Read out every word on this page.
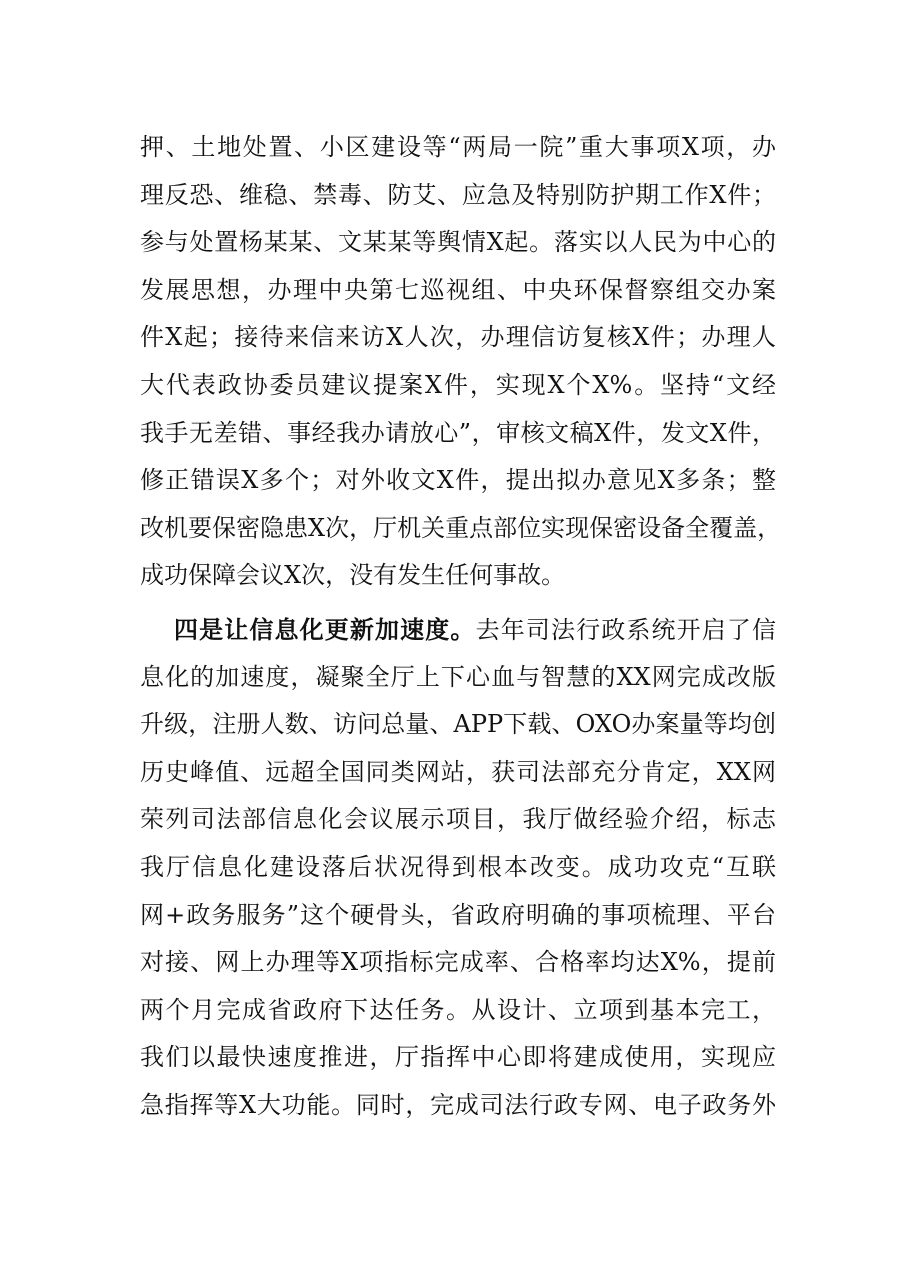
押、土地处置、小区建设等“两局一院”重大事项X项，办
理反恐、维稳、禁毒、防艾、应急及特别防护期工作X件；
参与处置杨某某、文某某等舆情X起。落实以人民为中心的
发展思想，办理中央第七巡视组、中央环保督察组交办案
件X起；接待来信来访X人次，办理信访复核X件；办理人
大代表政协委员建议提案X件，实现X个X%。坚持“文经
我手无差错、事经我办请放心”，审核文稿X件，发文X件，
修正错误X多个；对外收文X件，提出拟办意见X多条；整
改机要保密隐患X次，厅机关重点部位实现保密设备全覆盖，
成功保障会议X次，没有发生任何事故。
四是让信息化更新加速度。去年司法行政系统开启了信
息化的加速度，凝聚全厅上下心血与智慧的XX网完成改版
升级，注册人数、访问总量、APP下载、OXO办案量等均创
历史峰值、远超全国同类网站，获司法部充分肯定，XX网
荣列司法部信息化会议展示项目，我厅做经验介绍，标志
我厅信息化建设落后状况得到根本改变。成功攻克“互联
网+政务服务”这个硬骨头，省政府明确的事项梳理、平台
对接、网上办理等X项指标完成率、合格率均达X%，提前
两个月完成省政府下达任务。从设计、立项到基本完工，
我们以最快速度推进，厅指挥中心即将建成使用，实现应
急指挥等X大功能。同时，完成司法行政专网、电子政务外
